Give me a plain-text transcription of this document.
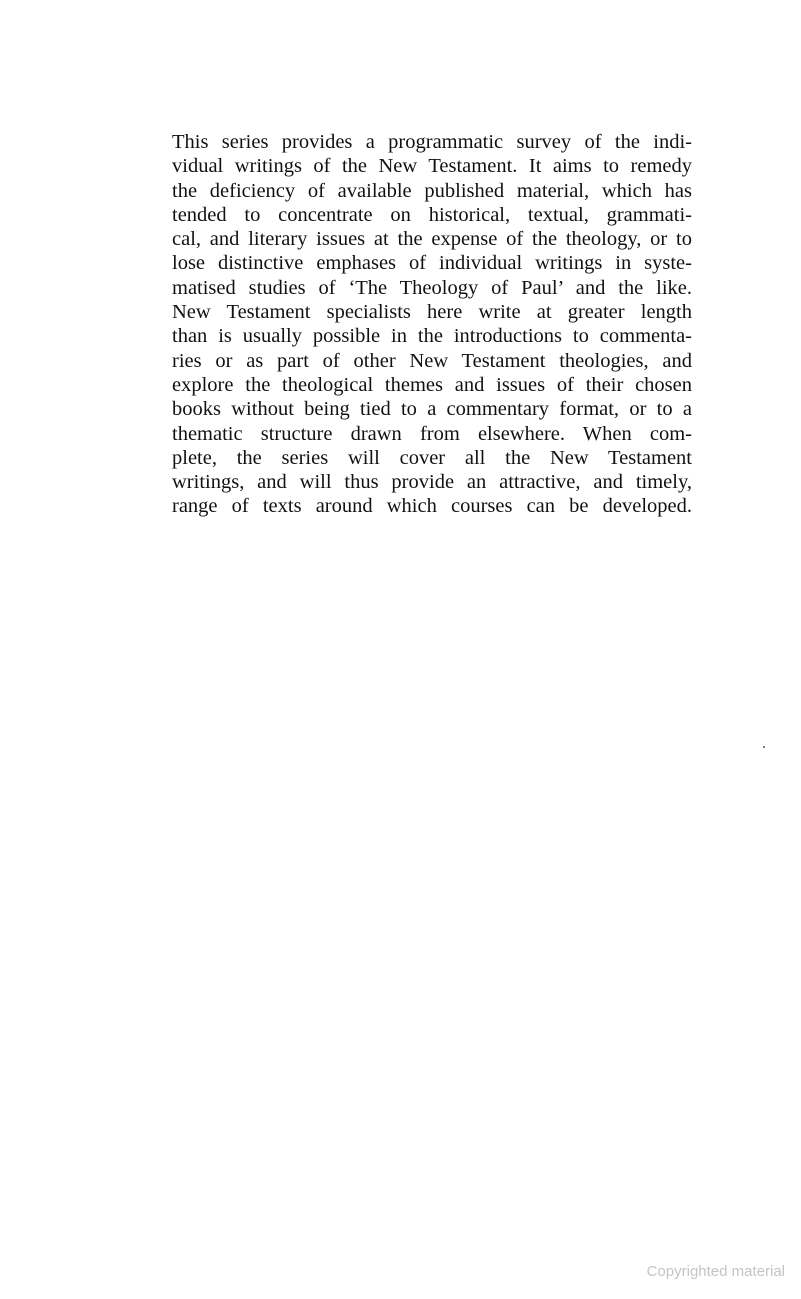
This series provides a programmatic survey of the indi-
vidual writings of the New Testament. It aims to remedy
the deficiency of available published material, which has
tended to concentrate on historical, textual, grammati-
cal, and literary issues at the expense of the theology, or to
lose distinctive emphases of individual writings in syste-
matised studies of ‘The Theology of Paul’ and the like.
New Testament specialists here write at greater length
than is usually possible in the introductions to commenta-
ries or as part of other New Testament theologies, and
explore the theological themes and issues of their chosen
books without being tied to a commentary format, or to a
thematic structure drawn from elsewhere. When com-
plete, the series will cover all the New Testament
writings, and will thus provide an attractive, and timely,
range of texts around which courses can be developed.
Copyrighted material
